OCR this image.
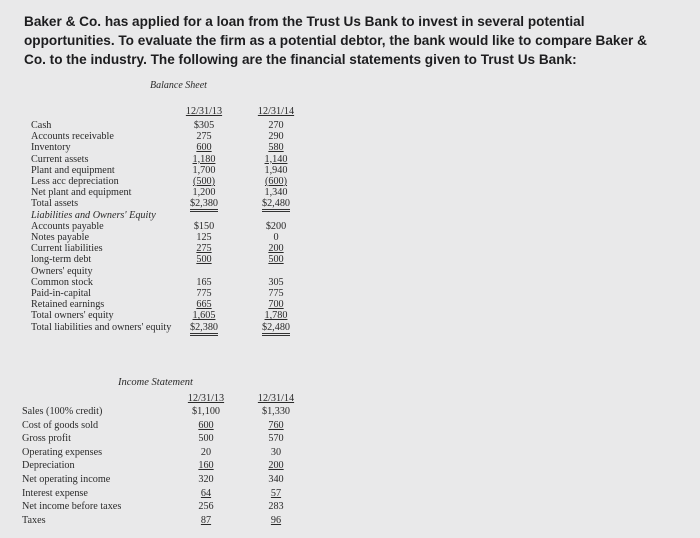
Baker & Co. has applied for a loan from the Trust Us Bank to invest in several potential opportunities. To evaluate the firm as a potential debtor, the bank would like to compare Baker & Co. to the industry. The following are the financial statements given to Trust Us Bank:
Balance Sheet
12/31/13	12/31/14
Cash	$305	270
Accounts receivable	275	290
Inventory	600	580
Current assets	1,180	1,140
Plant and equipment	1,700	1,940
Less acc depreciation	(500)	(600)
Net plant and equipment	1,200	1,340
Total assets	$2,380	$2,480
Liabilities and Owners' Equity
Accounts payable	$150	$200
Notes payable	125	0
Current liabilities	275	200
long-term debt	500	500
Owners' equity
Common stock	165	305
Paid-in-capital	775	775
Retained earnings	665	700
Total owners' equity	1,605	1,780
Total liabilities and owners' equity	$2,380	$2,480
Income Statement
12/31/13	12/31/14
Sales (100% credit)	$1,100	$1,330
Cost of goods sold	600	760
Gross profit	500	570
Operating expenses	20	30
Depreciation	160	200
Net operating income	320	340
Interest expense	64	57
Net income before taxes	256	283
Taxes	87	96
